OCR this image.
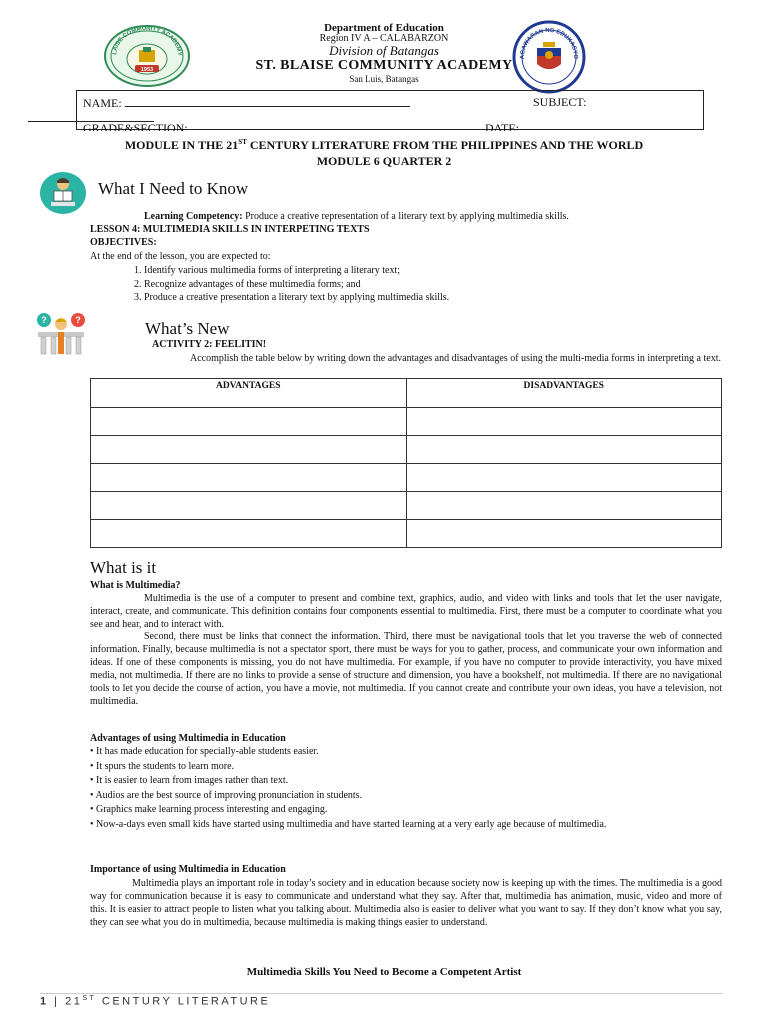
Department of Education
Region IV A – CALABARZON
Division of Batangas
ST. BLAISE COMMUNITY ACADEMY
San Luis, Batangas
LAISE COMMUNITY ACADEMY
1953
AGAWARAN NG EDUKASYO
NAME:	SUBJECT:
GRADE&SECTION:	DATE:
MODULE IN THE 21ST CENTURY LITERATURE FROM THE PHILIPPINES AND THE WORLD
MODULE 6 QUARTER 2
What I Need to Know
Learning Competency: Produce a creative representation of a literary text by applying multimedia skills.
LESSON 4: MULTIMEDIA SKILLS IN INTERPETING TEXTS
OBJECTIVES:
At the end of the lesson, you are expected to:
1. Identify various multimedia forms of interpreting a literary text;
2. Recognize advantages of these multimedia forms; and
3. Produce a creative presentation a literary text by applying multimedia skills.
?	?	What’s New
ACTIVITY 2: FEELITIN!
Accomplish the table below by writing down the advantages and disadvantages of using the multi-media forms in interpreting a text.
ADVANTAGES	DISADVANTAGES

What is it
What is Multimedia?
Multimedia is the use of a computer to present and combine text, graphics, audio, and video with links and tools that let the user navigate, interact, create, and communicate. This definition contains four components essential to multimedia. First, there must be a computer to coordinate what you see and hear, and to interact with.
Second, there must be links that connect the information. Third, there must be navigational tools that let you traverse the web of connected information. Finally, because multimedia is not a spectator sport, there must be ways for you to gather, process, and communicate your own information and ideas. If one of these components is missing, you do not have multimedia. For example, if you have no computer to provide interactivity, you have mixed media, not multimedia. If there are no links to provide a sense of structure and dimension, you have a bookshelf, not multimedia. If there are no navigational tools to let you decide the course of action, you have a movie, not multimedia. If you cannot create and contribute your own ideas, you have a television, not multimedia.
Advantages of using Multimedia in Education
• It has made education for specially-able students easier.
• It spurs the students to learn more.
• It is easier to learn from images rather than text.
• Audios are the best source of improving pronunciation in students.
• Graphics make learning process interesting and engaging.
• Now-a-days even small kids have started using multimedia and have started learning at a very early age because of multimedia.
Importance of using Multimedia in Education
Multimedia plays an important role in today’s society and in education because society now is keeping up with the times. The multimedia is a good way for communication because it is easy to communicate and understand what they say. After that, multimedia has animation, music, video and more of this. It is easier to attract people to listen what you talking about. Multimedia also is easier to deliver what you want to say. If they don’t know what you say, they can see what you do in multimedia, because multimedia is making things easier to understand.
Multimedia Skills You Need to Become a Competent Artist
1 | 21ST CENTURY LITERATURE
